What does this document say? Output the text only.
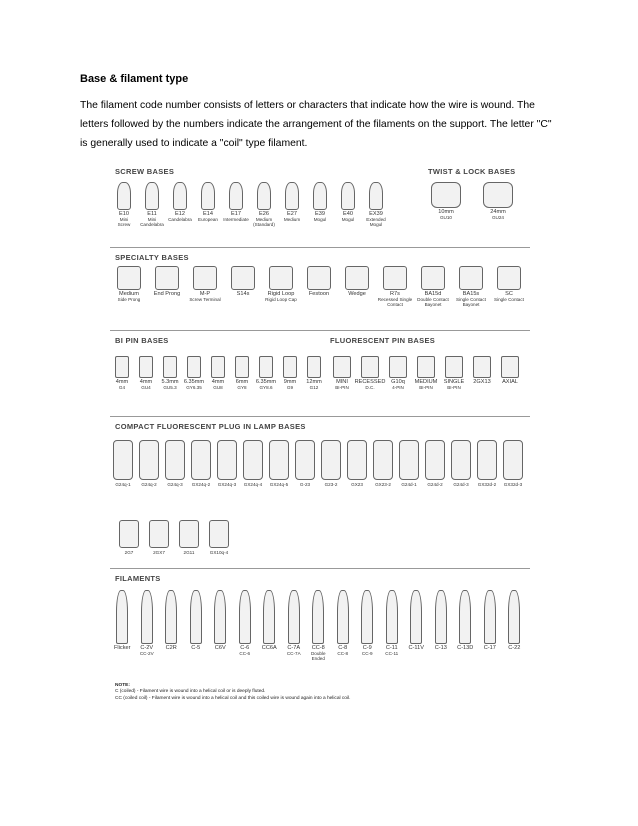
Base & filament type
The filament code number consists of letters or characters that indicate how the wire is wound. The letters followed by the numbers indicate the arrangement of the filaments on the support. The letter "C" is generally used to indicate a "coil" type filament.
SCREW BASES	TWIST & LOCK BASES
E10
Mini
Screw
E11
Mini
Candelabra
E12
Candelabra
E14
European
E17
Intermediate
E26
Medium
(Standard)
E27
Medium
E39
Mogul
E40
Mogul
EX39
Extended Mogul
10mm
GU10
24mm
GU24
SPECIALTY BASES
Medium
Side Prong
End Prong	M-P
Screw Terminal
S14s	Rigid Loop
Rigid Loop Cap
Festoon	Wedge	R7s
Recessed Single
Contact
BA15d
Double Contact
Bayonet
BA15s
Single Contact
Bayonet
SC
Single Contact
BI PIN BASES	FLUORESCENT PIN BASES
4mm
G4
4mm
GU4
5.3mm
GU5.3
6.35mm
GY6.35
4mm
GU8
6mm
GY8
6.35mm
GY8.6
9mm
G9
12mm
G12
MINI
BI-PIN
RECESSED
D.C.
G10q
4-PIN
MEDIUM
BI-PIN
SINGLE
BI-PIN
2GX13 AXIAL
COMPACT FLUORESCENT PLUG IN LAMP BASES
G24q-1 G24q-2 G24q-3 GX24q-2 GX24q-3 GX24q-4 GX24q-5	G-23	G23-2	GX23	GX23-2 G24d-1 G24d-2 G24d-3 GX32d-2 GX32d-3
2G7	2GX7	2G11	GX10q-4
FILAMENTS
Flicker C-2V
CC-2V
C2R	C-5	C6V	C-6
CC-6
CC6A C-7A
CC-7A
CC-8
Double Ended
C-8
CC-8
C-9
CC-9
C-11
CC-11
C-11V C-13 C-13D C-17 C-22
NOTE:
C (coiled) - Filament wire is wound into a helical coil or is deeply fluted.
CC (coiled coil) - Filament wire is wound into a helical coil and this coiled wire is wound again into a helical coil.
